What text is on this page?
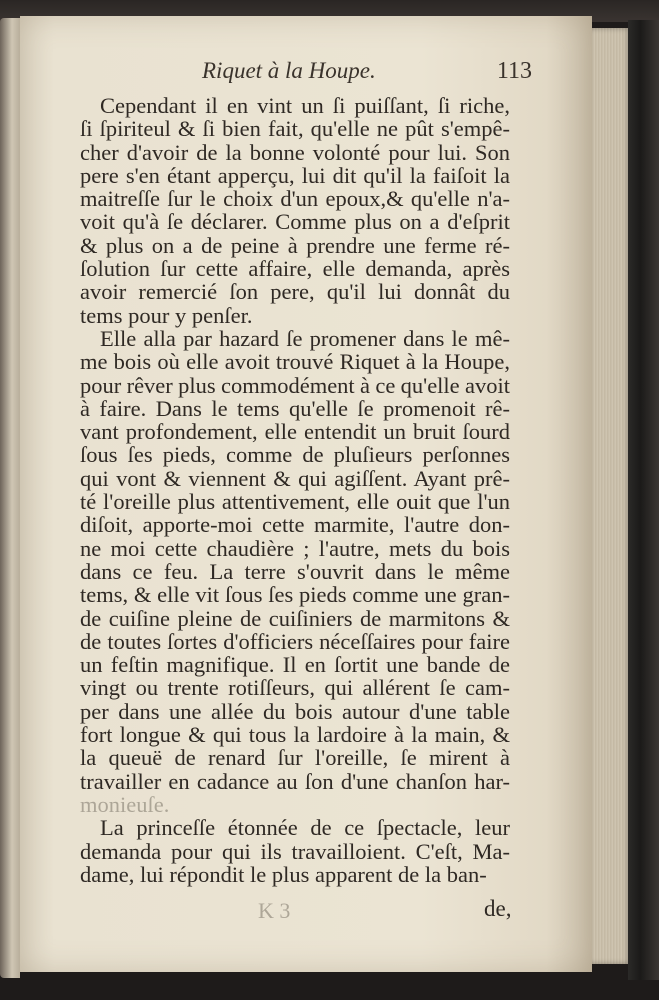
Riquet à la Houpe.	113
Cependant il en vint un ſi puiſſant, ſi riche,
ſi ſpiriteul & ſi bien fait, qu'elle ne pût s'empê-
cher d'avoir de la bonne volonté pour lui. Son
pere s'en étant apperçu, lui dit qu'il la faiſoit la
maitreſſe ſur le choix d'un epoux,& qu'elle n'a-
voit qu'à ſe déclarer. Comme plus on a d'eſprit
& plus on a de peine à prendre une ferme ré-
ſolution ſur cette affaire, elle demanda, après
avoir remercié ſon pere, qu'il lui donnât du
tems pour y penſer.
Elle alla par hazard ſe promener dans le mê-
me bois où elle avoit trouvé Riquet à la Houpe,
pour rêver plus commodément à ce qu'elle avoit
à faire. Dans le tems qu'elle ſe promenoit rê-
vant profondement, elle entendit un bruit ſourd
ſous ſes pieds, comme de pluſieurs perſonnes
qui vont & viennent & qui agiſſent. Ayant prê-
té l'oreille plus attentivement, elle ouit que l'un
diſoit, apporte-moi cette marmite, l'autre don-
ne moi cette chaudière ; l'autre, mets du bois
dans ce feu. La terre s'ouvrit dans le même
tems, & elle vit ſous ſes pieds comme une gran-
de cuiſine pleine de cuiſiniers de marmitons &
de toutes ſortes d'officiers néceſſaires pour faire
un feſtin magnifique. Il en ſortit une bande de
vingt ou trente rotiſſeurs, qui allérent ſe cam-
per dans une allée du bois autour d'une table
fort longue & qui tous la lardoire à la main, &
la queuë de renard ſur l'oreille, ſe mirent à
travailler en cadance au ſon d'une chanſon har-
monieuſe.
La princeſſe étonnée de ce ſpectacle, leur
demanda pour qui ils travailloient. C'eſt, Ma-
dame, lui répondit le plus apparent de la ban-
K 3	de,
